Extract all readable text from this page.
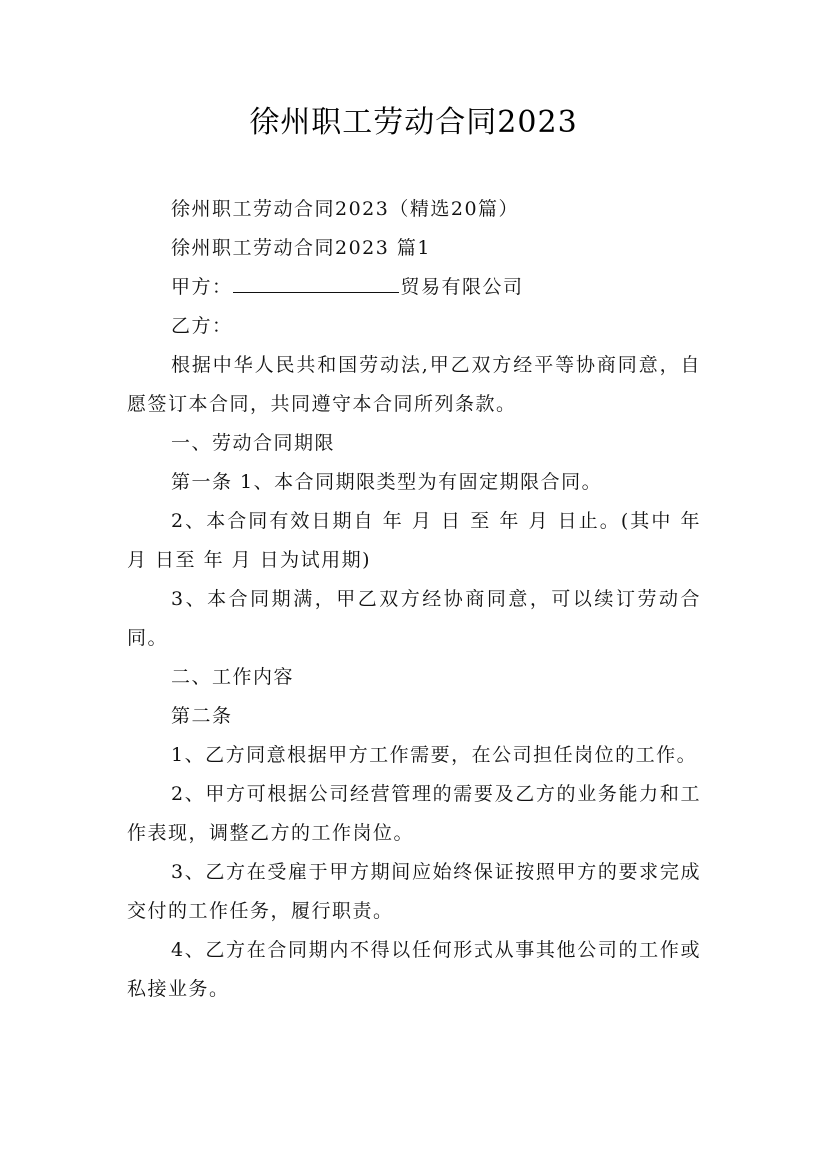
徐州职工劳动合同2023

徐州职工劳动合同2023（精选20篇）

徐州职工劳动合同2023 篇1

甲方：	贸易有限公司

乙方：

根据中华人民共和国劳动法,甲乙双方经平等协商同意，自愿签订本合同，共同遵守本合同所列条款。

一、劳动合同期限

第一条 1、本合同期限类型为有固定期限合同。

2、本合同有效日期自 年 月 日 至 年 月 日止。(其中 年 月 日至 年 月 日为试用期)

3、本合同期满，甲乙双方经协商同意，可以续订劳动合同。

二、工作内容

第二条

1、乙方同意根据甲方工作需要，在公司担任岗位的工作。

2、甲方可根据公司经营管理的需要及乙方的业务能力和工作表现，调整乙方的工作岗位。

3、乙方在受雇于甲方期间应始终保证按照甲方的要求完成交付的工作任务，履行职责。

4、乙方在合同期内不得以任何形式从事其他公司的工作或私接业务。
